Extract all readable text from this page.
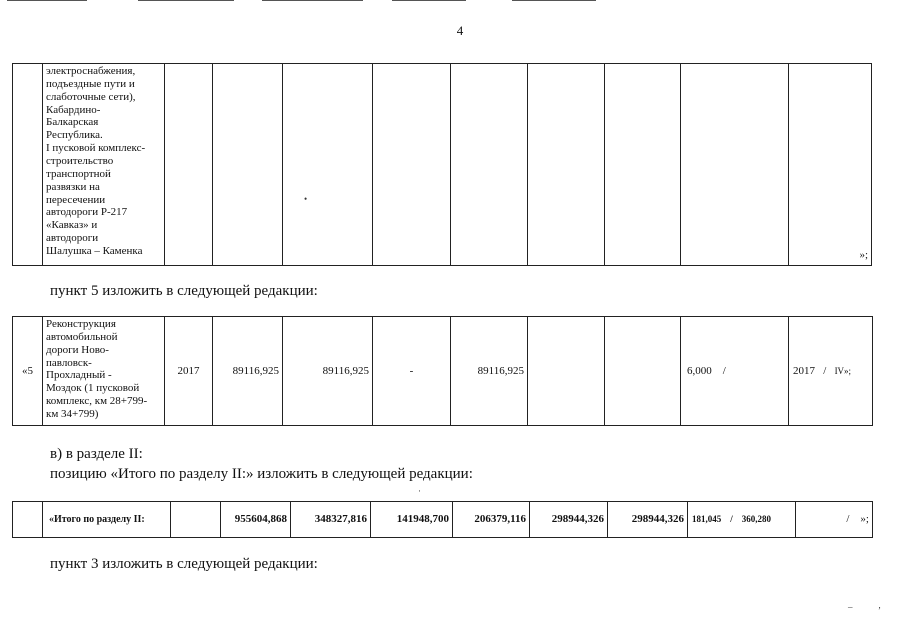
4

электроснабжения,
подъездные пути и
слаботочные сети),
Кабардино-
Балкарская
Республика.
I пусковой комплекс-
строительство
транспортной
развязки на
пересечении
автодороги Р-217
«Кавказ» и
автодороги
Шалушка – Каменка									»;
пункт 5 изложить в следующей редакции:
«5	
Реконструкция
автомобильной
дороги Ново-
павловск-
Прохладный -
Моздок (1 пусковой
комплекс, км 28+799-
км 34+799)
	2017	89116,925	89116,925	-	89116,925			6,000    /	2017 / IV»;
в) в разделе II:
позицию «Итого по разделу II:» изложить в следующей редакции:
	«Итого по разделу II:		955604,868	348327,816	141948,700	206379,116	298944,326	298944,326	181,045    /    360,280	/    »;
пункт 3 изложить в следующей редакции:
•
·
–	‚
